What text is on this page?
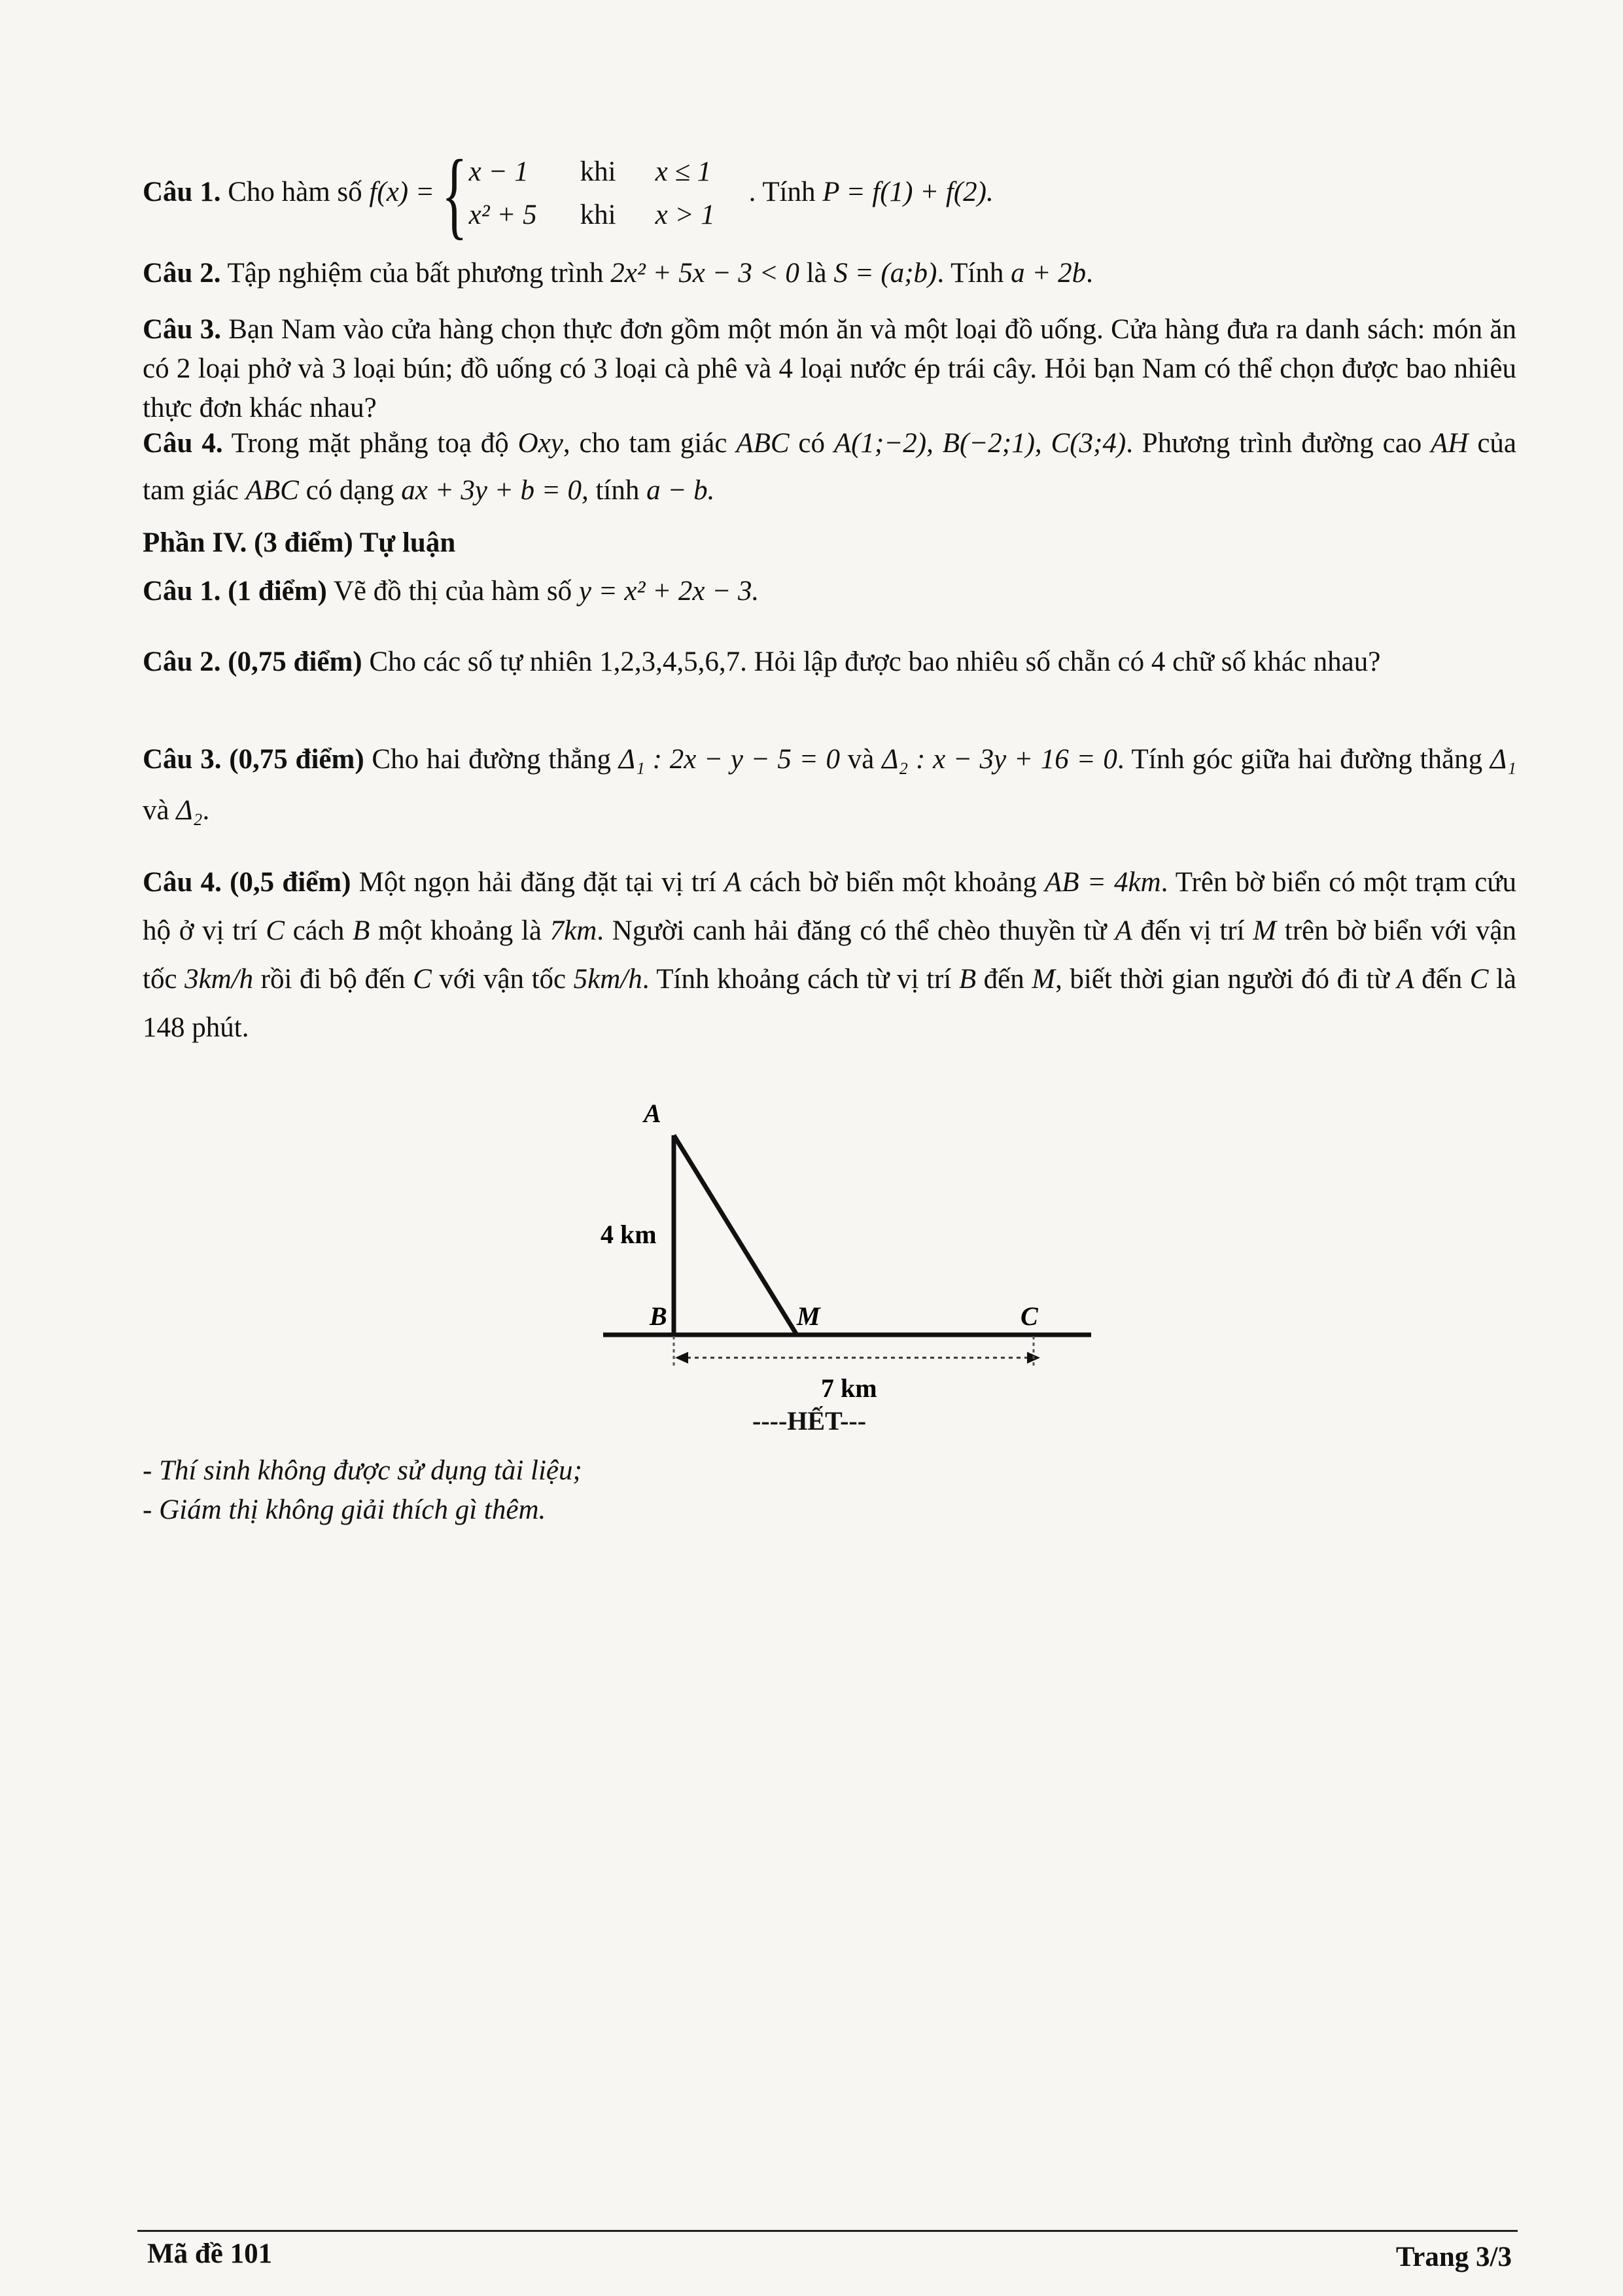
Câu 1. Cho hàm số f(x) = { x − 1 khi x ≤ 1
x² + 5 khi x > 1
. Tính P = f(1) + f(2).
Câu 2. Tập nghiệm của bất phương trình 2x² + 5x − 3 < 0 là S = (a;b). Tính a + 2b.
Câu 3. Bạn Nam vào cửa hàng chọn thực đơn gồm một món ăn và một loại đồ uống. Cửa hàng đưa ra danh sách: món ăn có 2 loại phở và 3 loại bún; đồ uống có 3 loại cà phê và 4 loại nước ép trái cây. Hỏi bạn Nam có thể chọn được bao nhiêu thực đơn khác nhau?
Câu 4. Trong mặt phẳng toạ độ Oxy, cho tam giác ABC có A(1;−2), B(−2;1), C(3;4). Phương trình đường cao AH của tam giác ABC có dạng ax + 3y + b = 0, tính a − b.
Phần IV. (3 điểm) Tự luận
Câu 1. (1 điểm) Vẽ đồ thị của hàm số y = x² + 2x − 3.
Câu 2. (0,75 điểm) Cho các số tự nhiên 1,2,3,4,5,6,7. Hỏi lập được bao nhiêu số chẵn có 4 chữ số khác nhau?
Câu 3. (0,75 điểm) Cho hai đường thẳng Δ₁ : 2x − y − 5 = 0 và Δ₂ : x − 3y + 16 = 0. Tính góc giữa hai đường thẳng Δ₁ và Δ₂.
Câu 4. (0,5 điểm) Một ngọn hải đăng đặt tại vị trí A cách bờ biển một khoảng AB = 4km. Trên bờ biển có một trạm cứu hộ ở vị trí C cách B một khoảng là 7km. Người canh hải đăng có thể chèo thuyền từ A đến vị trí M trên bờ biển với vận tốc 3km/h rồi đi bộ đến C với vận tốc 5km/h. Tính khoảng cách từ vị trí B đến M, biết thời gian người đó đi từ A đến C là 148 phút.
A
B	M	C
4 km
7 km
----HẾT---
- Thí sinh không được sử dụng tài liệu;
- Giám thị không giải thích gì thêm.
Mã đề 101	Trang 3/3
